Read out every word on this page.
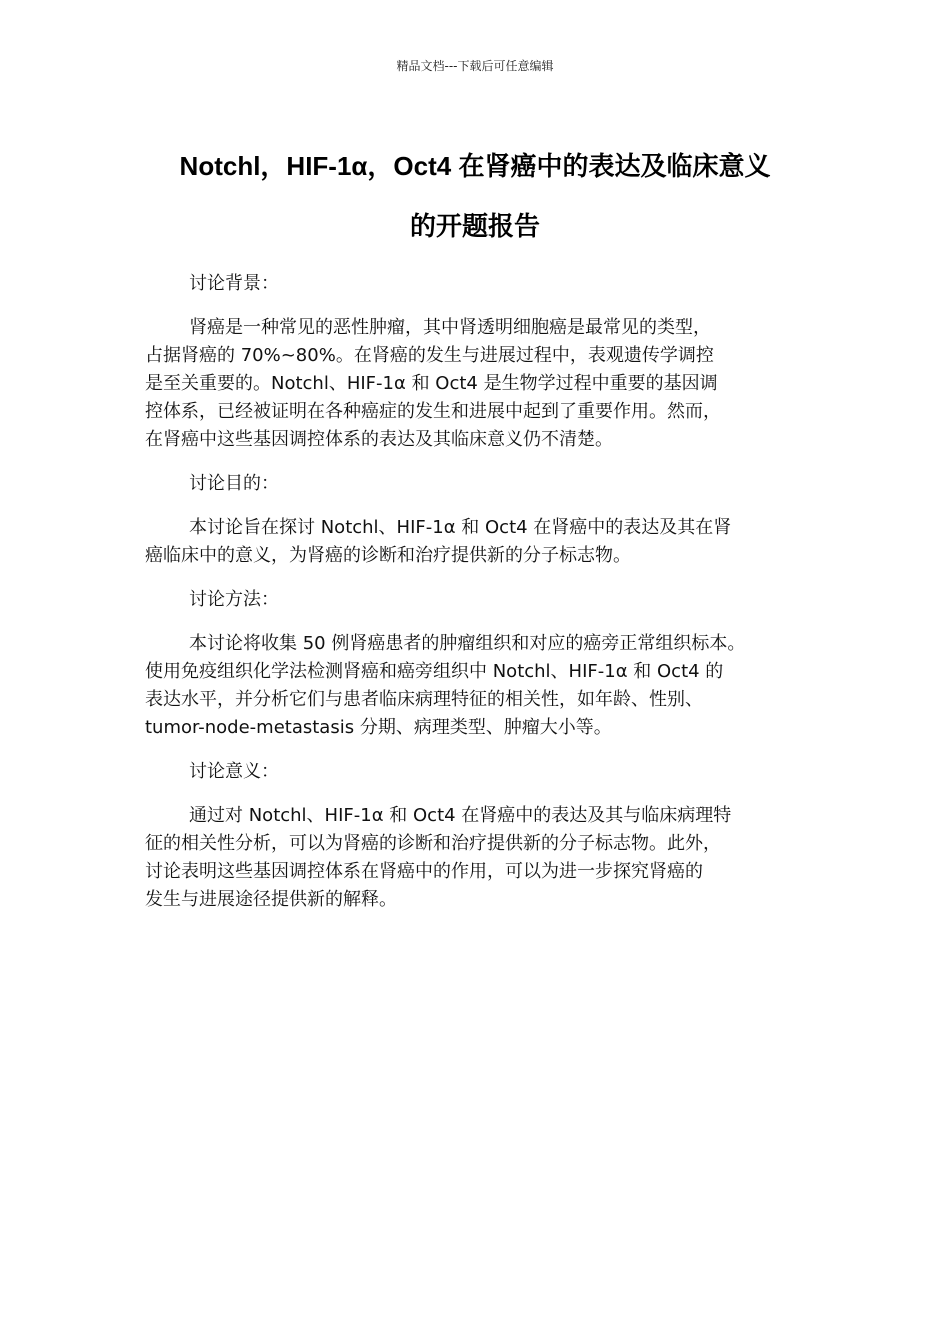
精品文档---下载后可任意编辑
Notchl，HIF-1α，Oct4 在肾癌中的表达及临床意义
的开题报告
讨论背景：

肾癌是一种常见的恶性肿瘤，其中肾透明细胞癌是最常见的类型，
占据肾癌的 70%~80%。在肾癌的发生与进展过程中，表观遗传学调控
是至关重要的。Notchl、HIF-1α 和 Oct4 是生物学过程中重要的基因调
控体系，已经被证明在各种癌症的发生和进展中起到了重要作用。然而，
在肾癌中这些基因调控体系的表达及其临床意义仍不清楚。

讨论目的：

本讨论旨在探讨 Notchl、HIF-1α 和 Oct4 在肾癌中的表达及其在肾
癌临床中的意义，为肾癌的诊断和治疗提供新的分子标志物。

讨论方法：

本讨论将收集 50 例肾癌患者的肿瘤组织和对应的癌旁正常组织标本。
使用免疫组织化学法检测肾癌和癌旁组织中 Notchl、HIF-1α 和 Oct4 的
表达水平，并分析它们与患者临床病理特征的相关性，如年龄、性别、
tumor-node-metastasis 分期、病理类型、肿瘤大小等。

讨论意义：

通过对 Notchl、HIF-1α 和 Oct4 在肾癌中的表达及其与临床病理特
征的相关性分析，可以为肾癌的诊断和治疗提供新的分子标志物。此外，
讨论表明这些基因调控体系在肾癌中的作用，可以为进一步探究肾癌的
发生与进展途径提供新的解释。
